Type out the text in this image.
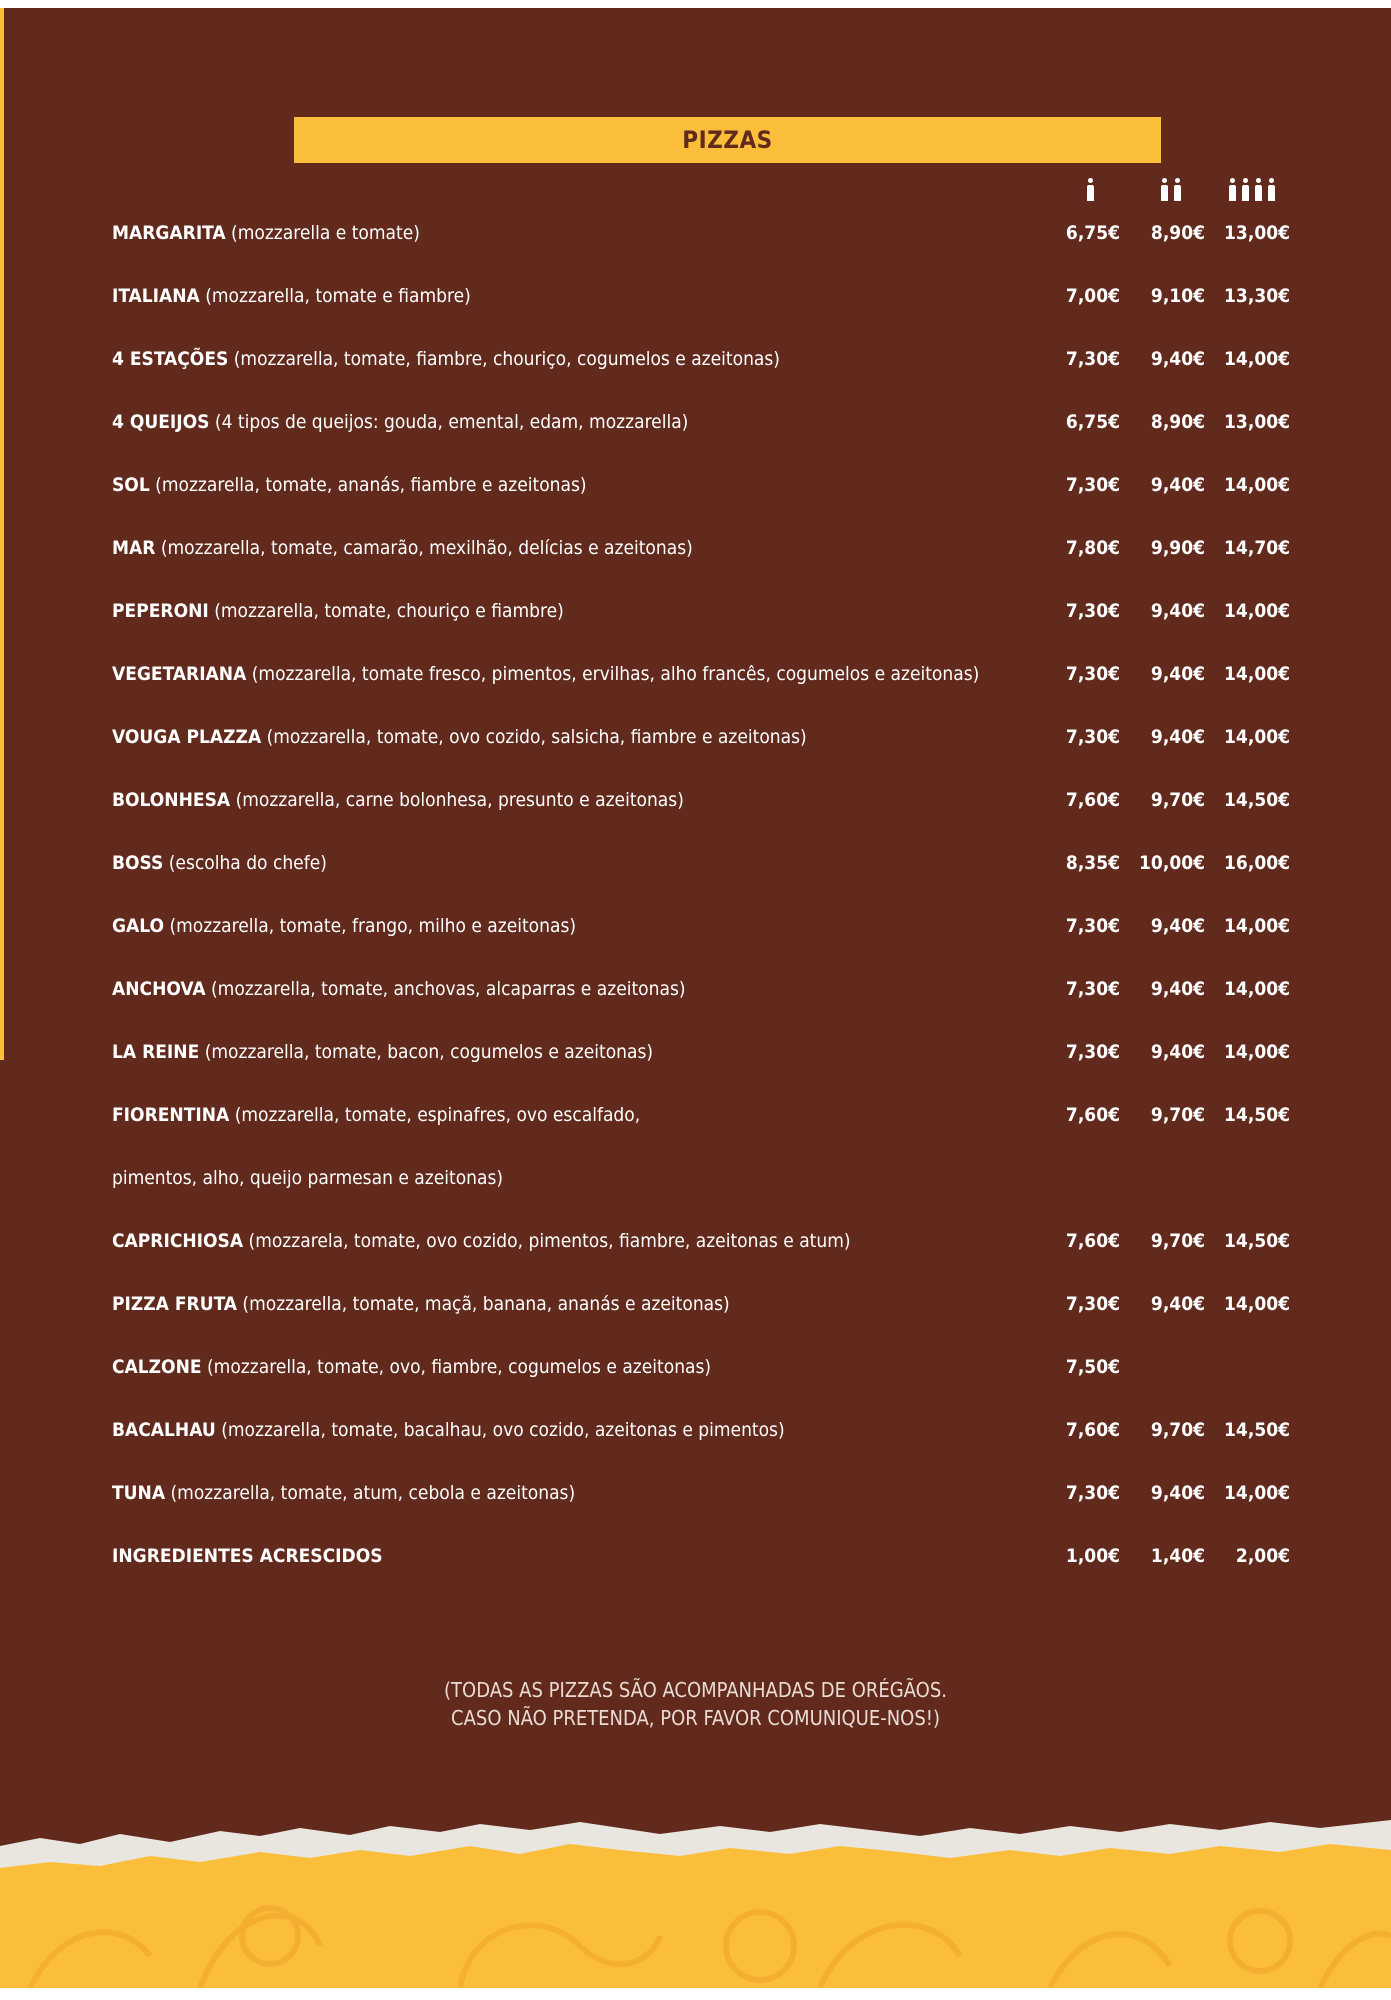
PIZZAS
MARGARITA (mozzarella e tomate)	6,75€	8,90€	13,00€
ITALIANA (mozzarella, tomate e fiambre)	7,00€	9,10€	13,30€
4 ESTAÇÕES (mozzarella, tomate, fiambre, chouriço, cogumelos e azeitonas)	7,30€	9,40€	14,00€
4 QUEIJOS (4 tipos de queijos: gouda, emental, edam, mozzarella)	6,75€	8,90€	13,00€
SOL (mozzarella, tomate, ananás, fiambre e azeitonas)	7,30€	9,40€	14,00€
MAR (mozzarella, tomate, camarão, mexilhão, delícias e azeitonas)	7,80€	9,90€	14,70€
PEPERONI (mozzarella, tomate, chouriço e fiambre)	7,30€	9,40€	14,00€
VEGETARIANA (mozzarella, tomate fresco, pimentos, ervilhas, alho francês, cogumelos e azeitonas)	7,30€	9,40€	14,00€
VOUGA PLAZZA (mozzarella, tomate, ovo cozido, salsicha, fiambre e azeitonas)	7,30€	9,40€	14,00€
BOLONHESA (mozzarella, carne bolonhesa, presunto e azeitonas)	7,60€	9,70€	14,50€
BOSS (escolha do chefe)	8,35€	10,00€	16,00€
GALO (mozzarella, tomate, frango, milho e azeitonas)	7,30€	9,40€	14,00€
ANCHOVA (mozzarella, tomate, anchovas, alcaparras e azeitonas)	7,30€	9,40€	14,00€
LA REINE (mozzarella, tomate, bacon, cogumelos e azeitonas)	7,30€	9,40€	14,00€
FIORENTINA (mozzarella, tomate, espinafres, ovo escalfado,	7,60€	9,70€	14,50€
pimentos, alho, queijo parmesan e azeitonas)
CAPRICHIOSA (mozzarela, tomate, ovo cozido, pimentos, fiambre, azeitonas e atum)	7,60€	9,70€	14,50€
PIZZA FRUTA (mozzarella, tomate, maçã, banana, ananás e azeitonas)	7,30€	9,40€	14,00€
CALZONE (mozzarella, tomate, ovo, fiambre, cogumelos e azeitonas)	7,50€
BACALHAU (mozzarella, tomate, bacalhau, ovo cozido, azeitonas e pimentos)	7,60€	9,70€	14,50€
TUNA (mozzarella, tomate, atum, cebola e azeitonas)	7,30€	9,40€	14,00€
INGREDIENTES ACRESCIDOS	1,00€	1,40€	2,00€
(TODAS AS PIZZAS SÃO ACOMPANHADAS DE ORÉGÃOS.
CASO NÃO PRETENDA, POR FAVOR COMUNIQUE-NOS!)
